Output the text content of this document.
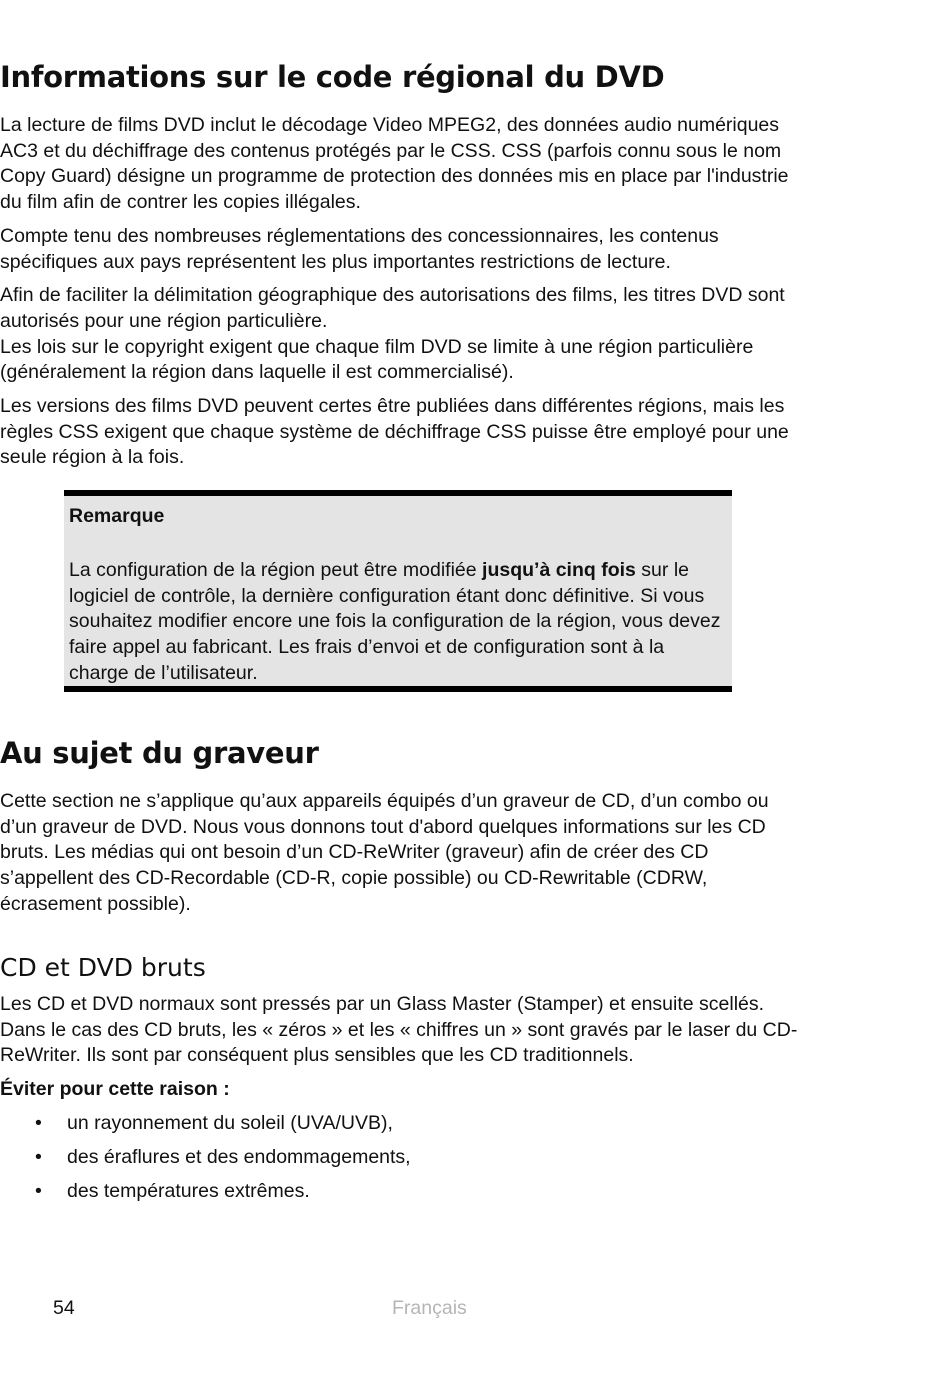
Informations sur le code régional du DVD

La lecture de films DVD inclut le décodage Video MPEG2, des données audio numériques AC3 et du déchiffrage des contenus protégés par le CSS. CSS (parfois connu sous le nom Copy Guard) désigne un programme de protection des données mis en place par l'industrie du film afin de contrer les copies illégales.

Compte tenu des nombreuses réglementations des concessionnaires, les contenus spécifiques aux pays représentent les plus importantes restrictions de lecture.

Afin de faciliter la délimitation géographique des autorisations des films, les titres DVD sont autorisés pour une région particulière.

Les lois sur le copyright exigent que chaque film DVD se limite à une région particulière (généralement la région dans laquelle il est commercialisé).

Les versions des films DVD peuvent certes être publiées dans différentes régions, mais les règles CSS exigent que chaque système de déchiffrage CSS puisse être employé pour une seule région à la fois.

Remarque

La configuration de la région peut être modifiée jusqu’à cinq fois sur le logiciel de contrôle, la dernière configuration étant donc définitive. Si vous souhaitez modifier encore une fois la configuration de la région, vous devez faire appel au fabricant. Les frais d’envoi et de configuration sont à la charge de l’utilisateur.

Au sujet du graveur

Cette section ne s’applique qu’aux appareils équipés d’un graveur de CD, d’un combo ou d’un graveur de DVD. Nous vous donnons tout d'abord quelques informations sur les CD bruts. Les médias qui ont besoin d’un CD-ReWriter (graveur) afin de créer des CD s’appellent des CD-Recordable (CD-R, copie possible) ou CD-Rewritable (CDRW, écrasement possible).

CD et DVD bruts

Les CD et DVD normaux sont pressés par un Glass Master (Stamper) et ensuite scellés. Dans le cas des CD bruts, les « zéros » et les « chiffres un » sont gravés par le laser du CD-ReWriter. Ils sont par conséquent plus sensibles que les CD traditionnels.

Éviter pour cette raison :
• un rayonnement du soleil (UVA/UVB),
• des éraflures et des endommagements,
• des températures extrêmes.
54	Français
